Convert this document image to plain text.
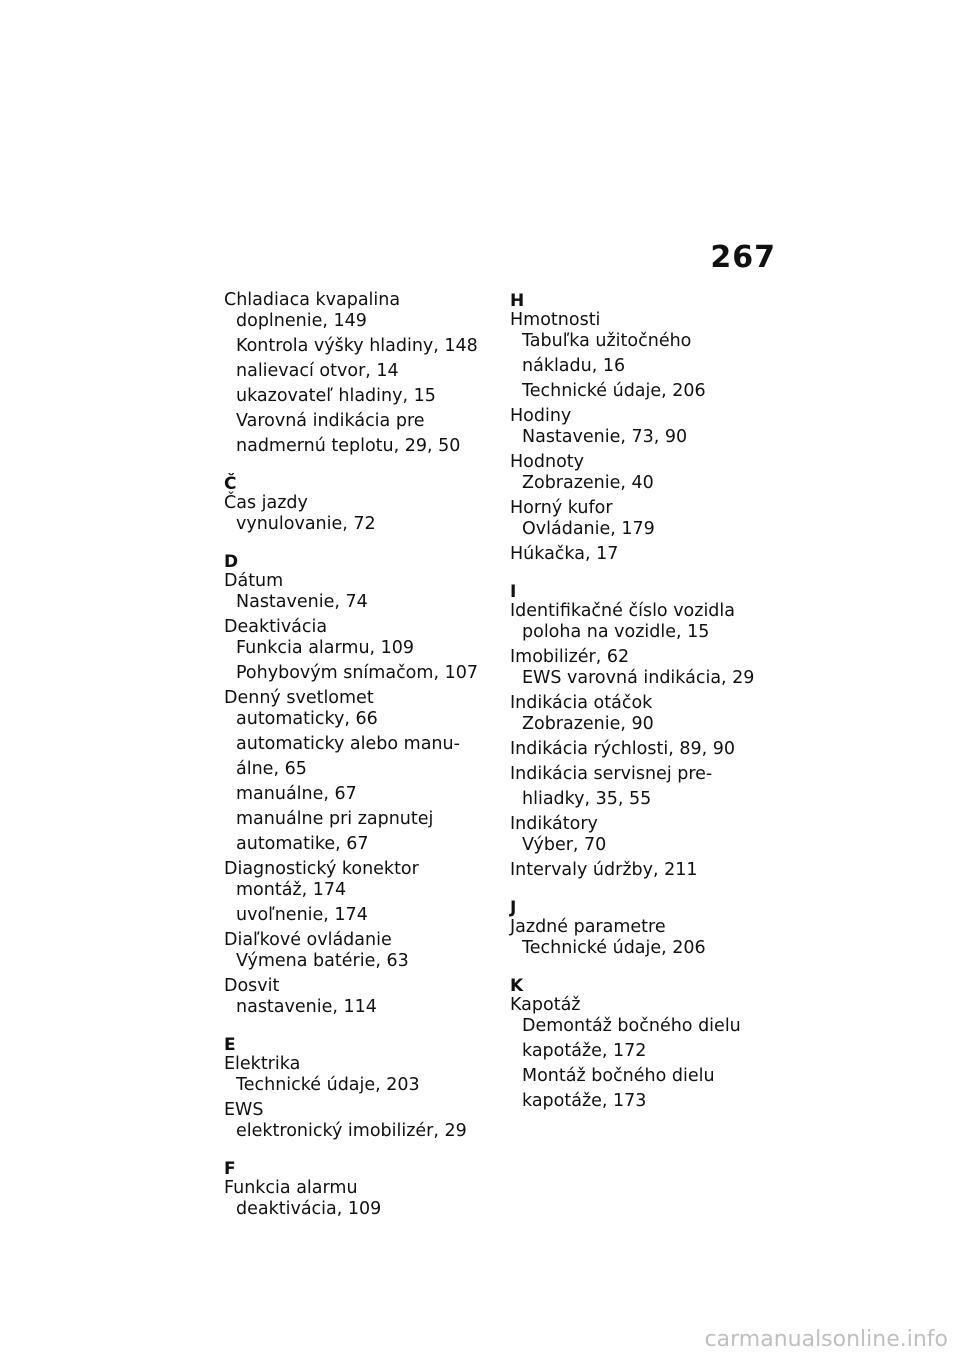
267
Chladiaca kvapalina
doplnenie, 149
Kontrola výšky hladiny, 148
nalievací otvor, 14
ukazovateľ hladiny, 15
Varovná indikácia pre
nadmernú teplotu, 29, 50
Č
Čas jazdy
vynulovanie, 72
D
Dátum
Nastavenie, 74
Deaktivácia
Funkcia alarmu, 109
Pohybovým snímačom, 107
Denný svetlomet
automaticky, 66
automaticky alebo manu-
álne, 65
manuálne, 67
manuálne pri zapnutej
automatike, 67
Diagnostický konektor
montáž, 174
uvoľnenie, 174
Diaľkové ovládanie
Výmena batérie, 63
Dosvit
nastavenie, 114
E
Elektrika
Technické údaje, 203
EWS
elektronický imobilizér, 29
F
Funkcia alarmu
deaktivácia, 109
H
Hmotnosti
Tabuľka užitočného
nákladu, 16
Technické údaje, 206
Hodiny
Nastavenie, 73, 90
Hodnoty
Zobrazenie, 40
Horný kufor
Ovládanie, 179
Húkačka, 17
I
Identifikačné číslo vozidla
poloha na vozidle, 15
Imobilizér, 62
EWS varovná indikácia, 29
Indikácia otáčok
Zobrazenie, 90
Indikácia rýchlosti, 89, 90
Indikácia servisnej pre-
hliadky, 35, 55
Indikátory
Výber, 70
Intervaly údržby, 211
J
Jazdné parametre
Technické údaje, 206
K
Kapotáž
Demontáž bočného dielu
kapotáže, 172
Montáž bočného dielu
kapotáže, 173
carmanualsonline.info
